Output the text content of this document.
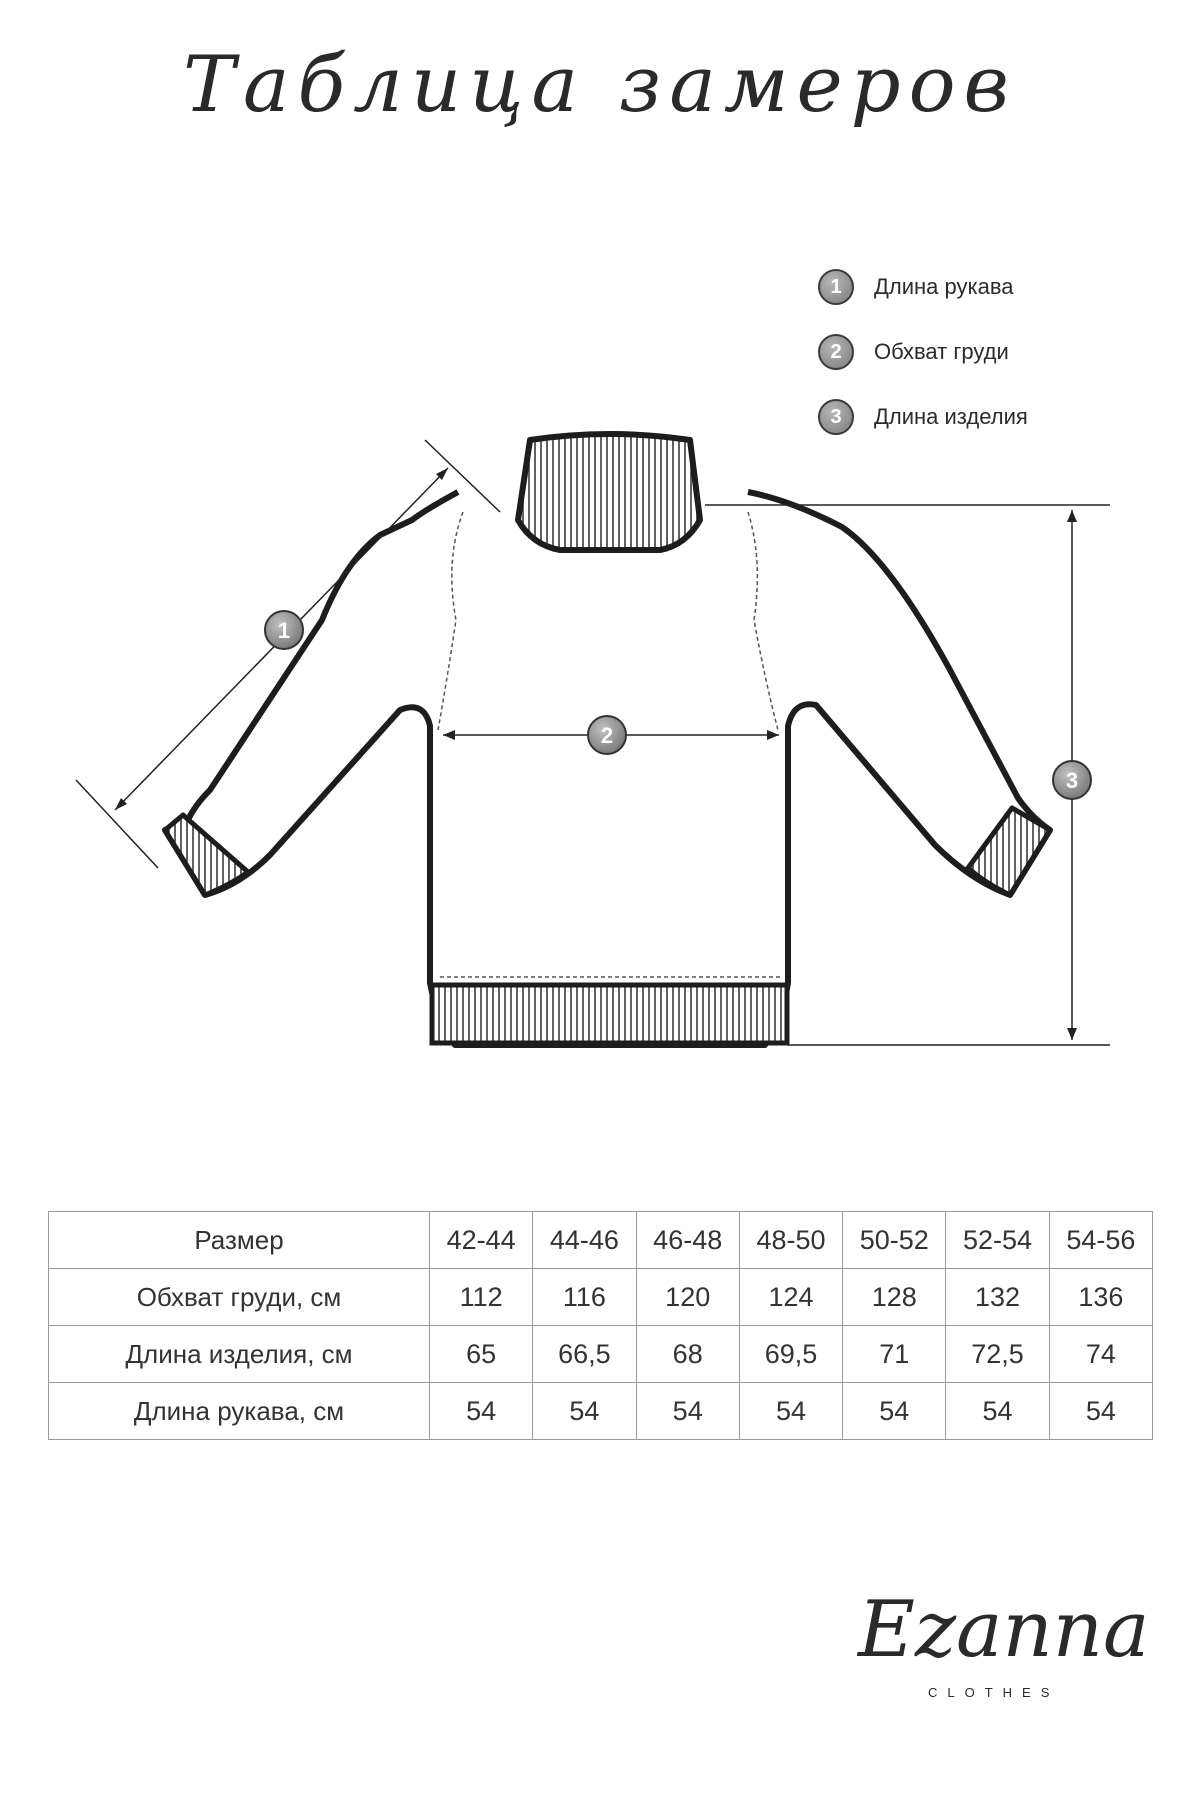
Таблица замеров
1	Длина рукава
2	Обхват груди
3	Длина изделия
1
2
3
Размер	42-44	44-46	46-48	48-50	50-52	52-54	54-56
Обхват груди, см	112	116	120	124	128	132	136
Длина изделия, см	65	66,5	68	69,5	71	72,5	74
Длина рукава, см	54	54	54	54	54	54	54
Ezanna
CLOTHES
